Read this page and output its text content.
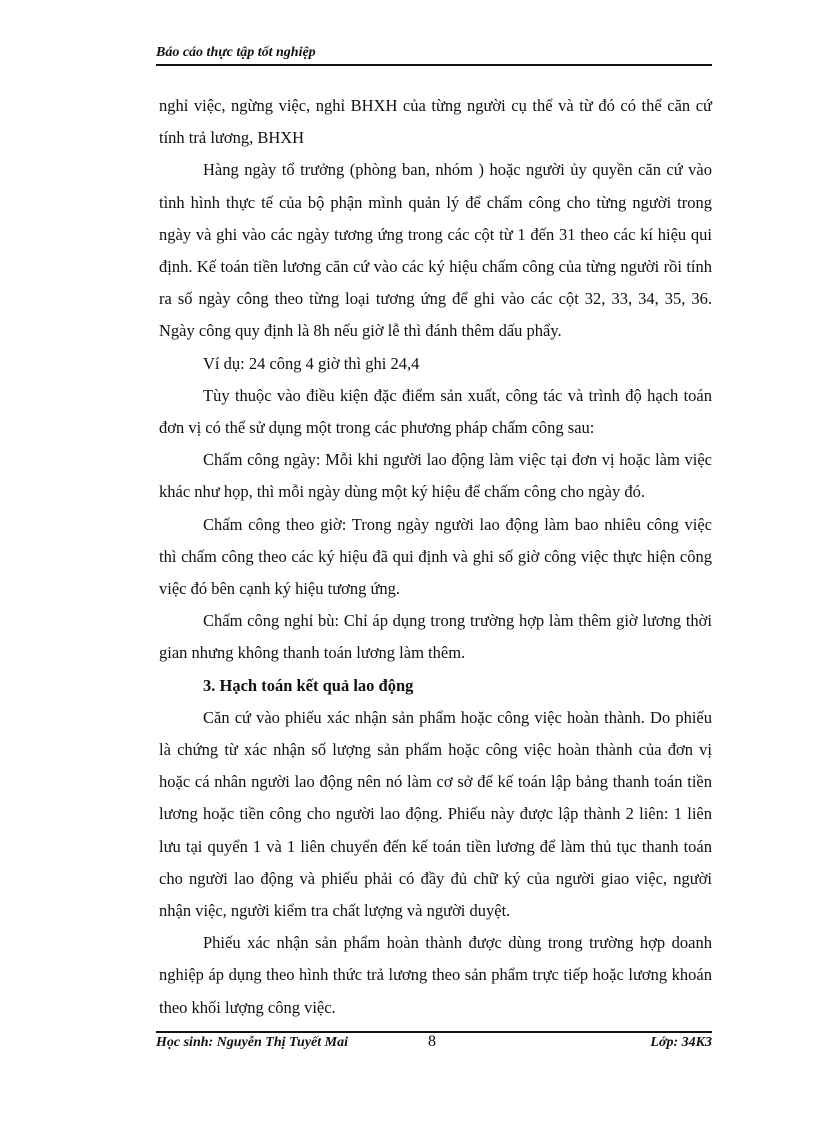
Báo cáo thực tập tốt nghiệp

nghỉ việc, ngừng việc, nghỉ BHXH của từng người cụ thể và từ đó có thể căn cứ tính trả lương, BHXH

Hàng ngày tổ trưởng (phòng ban, nhóm ) hoặc người ủy quyền căn cứ vào tình hình thực tế của bộ phận mình quản lý để chấm công cho từng người trong ngày và ghi vào các ngày tương ứng trong các cột từ 1 đến 31 theo các kí hiệu qui định. Kế toán tiền lương căn cứ vào các ký hiệu chấm công của từng người rồi tính ra số ngày công theo từng loại tương ứng để ghi vào các cột 32, 33, 34, 35, 36. Ngày công quy định là 8h nếu giờ lễ thì đánh thêm dấu phẩy.

Ví dụ: 24 công 4 giờ thì ghi 24,4

Tùy thuộc vào điều kiện đặc điểm sản xuất, công tác và trình độ hạch toán đơn vị có thể sử dụng một trong các phương pháp chấm công sau:

Chấm công ngày: Mỗi khi người lao động làm việc tại đơn vị hoặc làm việc khác như họp, thì mỗi ngày dùng một ký hiệu để chấm công cho ngày đó.

Chấm công theo giờ: Trong ngày người lao động làm bao nhiêu công việc thì chấm công theo các ký hiệu đã qui định và ghi số giờ công việc thực hiện công việc đó bên cạnh ký hiệu tương ứng.

Chấm công nghỉ bù: Chỉ áp dụng trong trường hợp làm thêm giờ lương thời gian nhưng không thanh toán lương làm thêm.

3. Hạch toán kết quả lao động

Căn cứ vào phiếu xác nhận sản phẩm hoặc công việc hoàn thành. Do phiếu là chứng từ xác nhận số lượng sản phẩm hoặc công việc hoàn thành của đơn vị hoặc cá nhân người lao động nên nó làm cơ sở để kế toán lập bảng thanh toán tiền lương hoặc tiền công cho người lao động. Phiếu này được lập thành 2 liên: 1 liên lưu tại quyển 1 và 1 liên chuyển đến kế toán tiền lương để làm thủ tục thanh toán cho người lao động và phiếu phải có đầy đủ chữ ký của người giao việc, người nhận việc, người kiểm tra chất lượng và người duyệt.

Phiếu xác nhận sản phẩm hoàn thành được dùng trong trường hợp doanh nghiệp áp dụng theo hình thức trả lương theo sản phẩm trực tiếp hoặc lương khoán theo khối lượng công việc.

Học sinh: Nguyễn Thị Tuyết Mai	8	Lớp: 34K3
